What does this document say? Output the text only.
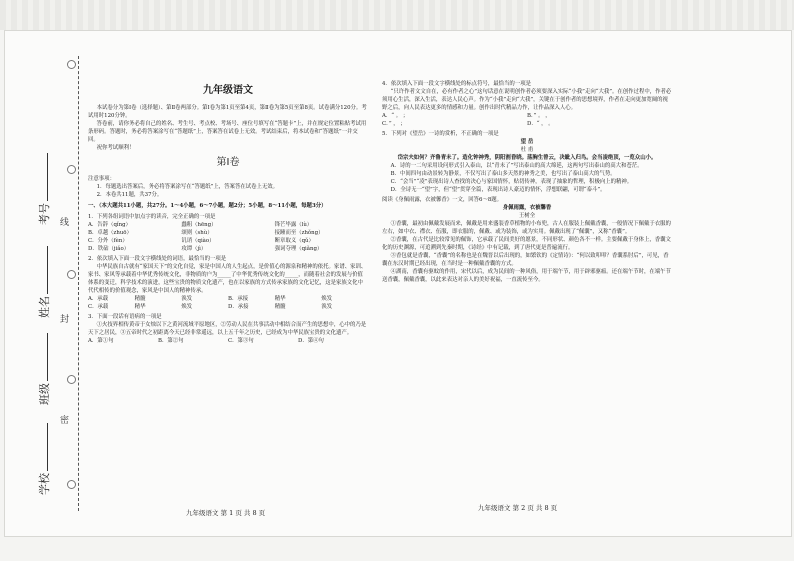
考号
姓名
班级
学校
线
封
密
九年级语文

本试卷分为第Ⅰ卷（选择题）、第Ⅱ卷两部分。第Ⅰ卷为第1页至第4页，第Ⅱ卷为第5页至第8页。试卷满分120分。考试用时120分钟。

答卷前，请你务必将自己的姓名、考生号、考点校、考场号、座位号填写在“答题卡”上，并在规定位置粘贴考试用条形码。答题时，务必将答案涂写在“答题纸”上，答案答在试卷上无效。考试结束后，将本试卷和“答题纸”一并交回。

祝你考试顺利！

第Ⅰ卷

注意事项：

1．每题选出答案后，务必将答案涂写在“答题纸”上，答案答在试卷上无效。

2．本卷共11题，共37分。

一、（本大题共11小题，共27分。1～4小题，6～7小题，题2分；5小题，8～11小题，每题3分）

1．下列各组词语中加点字的读音，完全正确的一项是

A．告辞（qǐng）	蠢粗（hēng）	锋芒毕露（lù）
B．卓越（zhuō）	颂则（shù）	接踵而至（zhǒng）
C．分外（fèn）	讥诮（qiào）	断章取义（qǔ）
D．铁砧（jiǎo）	攻谭（jì）	强词夺理（qiǎng）

2．依次填入下面一段文字横线处的词语，最恰当的一项是

中华民族自古就有“家国天下”的文化自觉，家是中国人的人生起点，是价值心的源泉和精神的依托。家谱、家训、家书、家风等承载着中华优秀传统文化，非物质的户为_____了中华优秀传统文化的_____，而随着社会的发展与价值体系的变迁，科学技术的演进，这些宝贵的物质文化遗产，也在以家族的方式传承家族的文化记忆，这是家族文化中代代相传的价值观念，家风是中国人的精神传承。

A．承载	精髓	涣发	B．承接	精华	焕发
C．承载	精华	焕发	D．承接	精髓	涣发

3．下面一段话有语病的一项是

①火技界相传黄帝于女烛以下之黄河流域平原地区，②劳动人民在共事活动中相结合而产生的思想中，心中的乃是天下之居民，③五帝时代之初距离今天已经非常遥远，以上五千年之历史，已经成为中华民族宝贵的文化遗产。

A．第①句	B．第②句	C．第③句	D．第④句
九年级语文 第 1 页 共 8 页

4．依次填入下面一段文字横线处的标点符号，最恰当的一项是

“只许作者文文自在，必有作者之心”这句话意在说明创作者必须要深入实际“小我”走向“大我”。在创作过程中，作者必须用心生活，深入生活，表达人民心声。作为“小我”走向“大我”，关键在于创作者的思想境界，作者在走向更加宽阔的视野之后，向人民表达更多的情感和力量。创作出时代精品力作，让作品深入人心。

A．“ 。 ；	B．” 。 ，
C．” ， ；	D．“ ， 。

5．下列对《望岳》一诗的赏析，不正确的一项是

望 岳

杜 甫

岱宗夫如何？齐鲁青未了。造化钟神秀，阴阳割昏晓。荡胸生曾云，决眦入归鸟。会当凌绝顶，一览众山小。

A．诗的一二句采用设问形式引入泰山，以“青未了”写出泰山的高大绵延，这两句写出泰山的高大和苍茫。

B．中间四句由动景转为静景，不仅写出了泰山多天然的神秀之美，也写出了泰山高大的气势。

C．“会当”“凌”表现出诗人查找的决心与家国情怀，贴切传神，表现了抽象的哲理，积极向上的精神。

D．全诗无一“望”字，但“望”贯穿全篇，表现出诗人豪迈的情怀，浮想联翩，可谓“泰斗”。

阅读《身佩雨露，衣被馨香》一文，回答6～8题。

身佩雨露，衣被馨香

王树全

①香囊，最初由佩戴发展而来，佩戴是用来盛装香草植物的小布兜，古人在服装上佩戴香囊，一般情况下佩戴于衣服的左右，如中衣、襟衣、伍服，即衣服的，佩戴、或为装饰，或为实用。佩戴出现了“佩囊”，又称“香囊”。

②香囊，在古代是比较常见的佩饰，它承载了民间美好的愿景，不同形状、颜色各不一样。主要佩戴于身体上，香囊文化的历史渊源，可追溯到先秦时期，《诗经》中有记载，到了唐代更是普遍流行。

③香包就是香囊，“香囊”的名称也是在魏晋以后出现的，如繁钦的《定情诗》：“何以致叩叩？香囊系肘后”，可见，香囊在东汉时期已经出现，在当时是一种佩戴香囊的方式。

④湖南，香囊有驱蚊的作用，宋代以后，成为民间的一种风俗，用于端午节，用于辟邪驱瘟。还在端午节时，在端午节送香囊，佩戴香囊，以此来表达对亲人的美好祝福，一直流传至今。

九年级语文 第 2 页 共 8 页
